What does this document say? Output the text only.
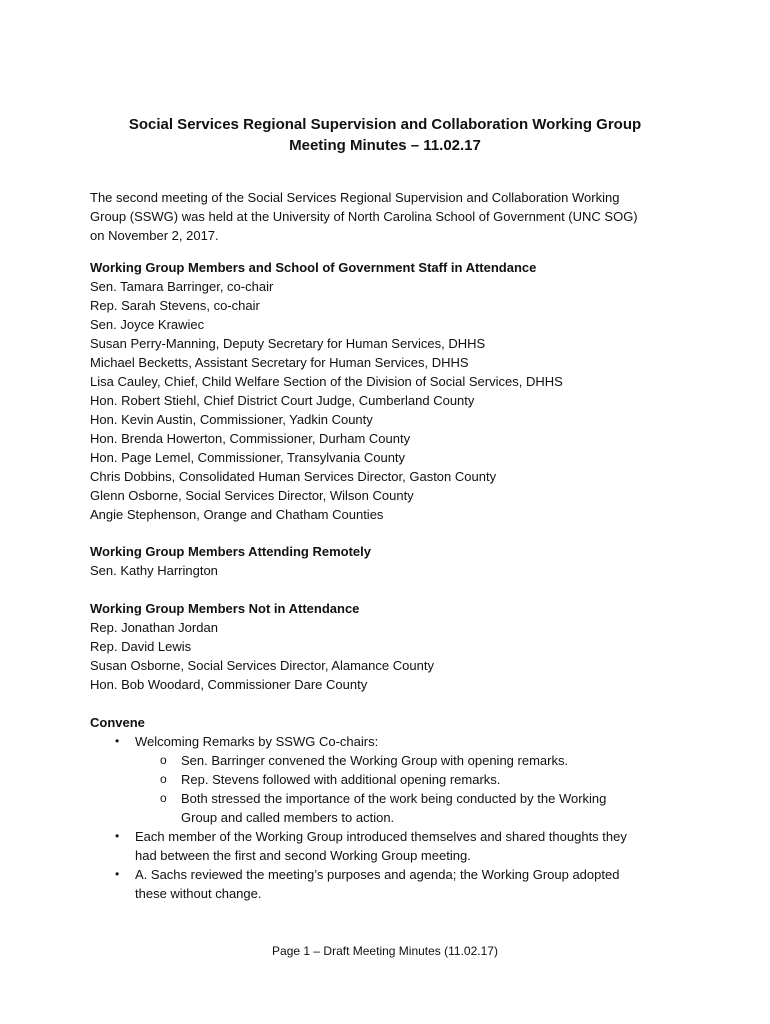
Social Services Regional Supervision and Collaboration Working Group
Meeting Minutes – 11.02.17
The second meeting of the Social Services Regional Supervision and Collaboration Working
Group (SSWG) was held at the University of North Carolina School of Government (UNC SOG)
on November 2, 2017.
Working Group Members and School of Government Staff in Attendance
Sen. Tamara Barringer, co-chair
Rep. Sarah Stevens, co-chair
Sen. Joyce Krawiec
Susan Perry-Manning, Deputy Secretary for Human Services, DHHS
Michael Becketts, Assistant Secretary for Human Services, DHHS
Lisa Cauley, Chief, Child Welfare Section of the Division of Social Services, DHHS
Hon. Robert Stiehl, Chief District Court Judge, Cumberland County
Hon. Kevin Austin, Commissioner, Yadkin County
Hon. Brenda Howerton, Commissioner, Durham County
Hon. Page Lemel, Commissioner, Transylvania County
Chris Dobbins, Consolidated Human Services Director, Gaston County
Glenn Osborne, Social Services Director, Wilson County
Angie Stephenson, Orange and Chatham Counties
Working Group Members Attending Remotely
Sen. Kathy Harrington
Working Group Members Not in Attendance
Rep. Jonathan Jordan
Rep. David Lewis
Susan Osborne, Social Services Director, Alamance County
Hon. Bob Woodard, Commissioner Dare County
Convene
• Welcoming Remarks by SSWG Co-chairs:
o Sen. Barringer convened the Working Group with opening remarks.
o Rep. Stevens followed with additional opening remarks.
o Both stressed the importance of the work being conducted by the Working
Group and called members to action.
• Each member of the Working Group introduced themselves and shared thoughts they
had between the first and second Working Group meeting.
• A. Sachs reviewed the meeting’s purposes and agenda; the Working Group adopted
these without change.
Page 1 – Draft Meeting Minutes (11.02.17)
